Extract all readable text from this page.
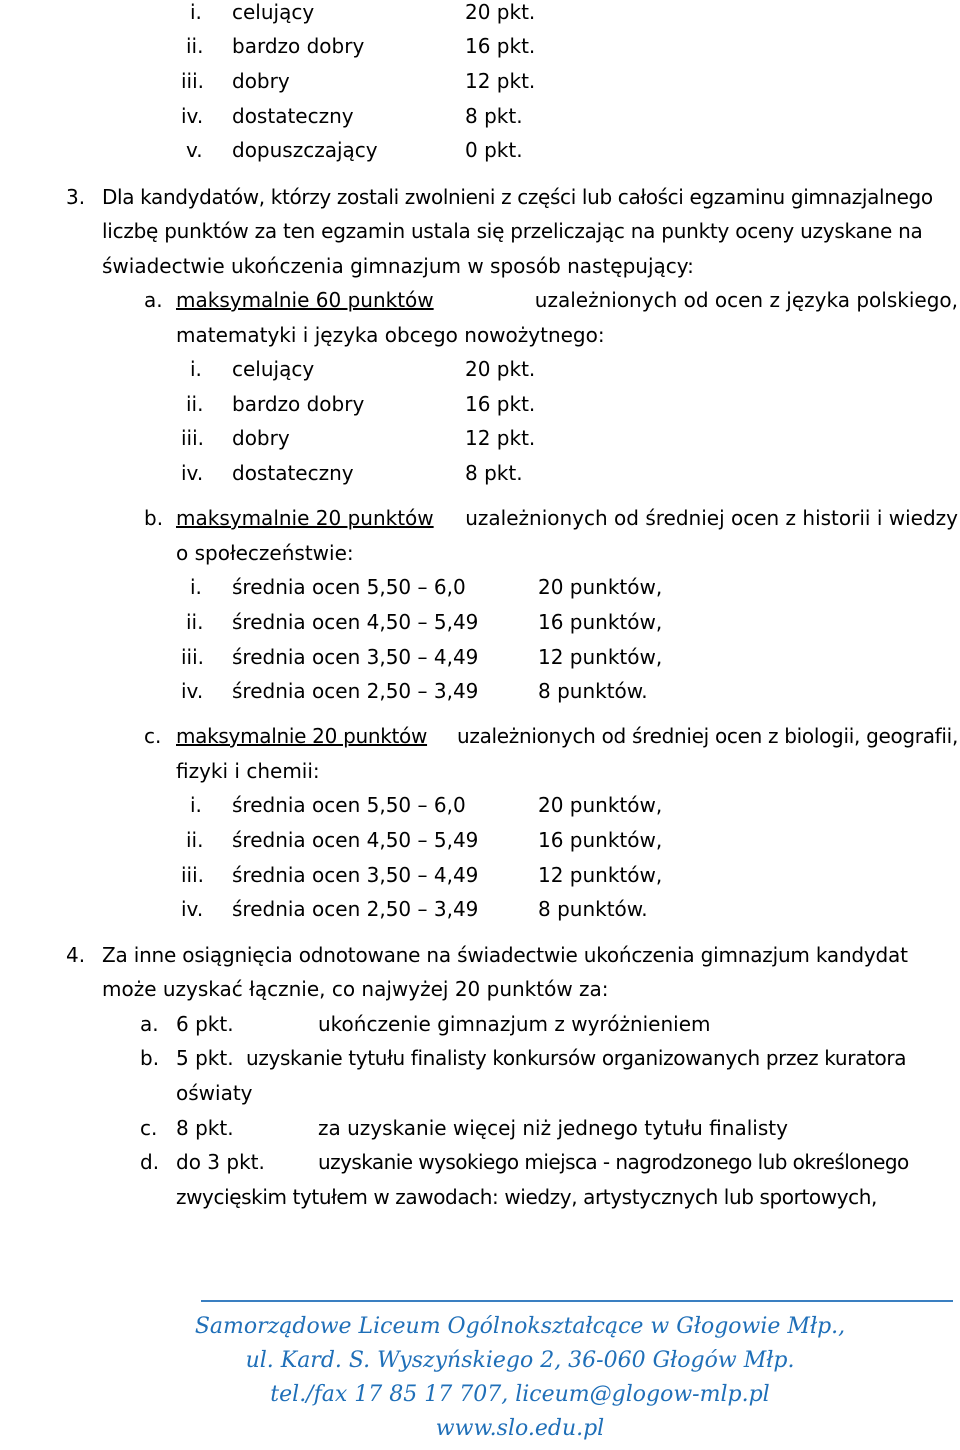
i. celujący	20 pkt.
ii. bardzo dobry	16 pkt.
iii. dobry	12 pkt.
iv. dostateczny	8 pkt.
v. dopuszczający	0 pkt.
3. Dla kandydatów, którzy zostali zwolnieni z części lub całości egzaminu gimnazjalnego
liczbę punktów za ten egzamin ustala się przeliczając na punkty oceny uzyskane na
świadectwie ukończenia gimnazjum w sposób następujący:
a. maksymalnie 60 punktów	uzależnionych od ocen z języka polskiego,
matematyki i języka obcego nowożytnego:
i. celujący	20 pkt.
ii. bardzo dobry	16 pkt.
iii. dobry	12 pkt.
iv. dostateczny	8 pkt.
b. maksymalnie 20 punktów uzależnionych od średniej ocen z historii i wiedzy
o społeczeństwie:
i. średnia ocen 5,50 – 6,0	20 punktów,
ii. średnia ocen 4,50 – 5,49	16 punktów,
iii. średnia ocen 3,50 – 4,49	12 punktów,
iv. średnia ocen 2,50 – 3,49	8 punktów.
c. maksymalnie 20 punktów uzależnionych od średniej ocen z biologii, geografii,
fizyki i chemii:
i. średnia ocen 5,50 – 6,0	20 punktów,
ii. średnia ocen 4,50 – 5,49	16 punktów,
iii. średnia ocen 3,50 – 4,49	12 punktów,
iv. średnia ocen 2,50 – 3,49	8 punktów.
4. Za inne osiągnięcia odnotowane na świadectwie ukończenia gimnazjum kandydat
może uzyskać łącznie, co najwyżej 20 punktów za:
a. 6 pkt.	ukończenie gimnazjum z wyróżnieniem
b. 5 pkt. uzyskanie tytułu finalisty konkursów organizowanych przez kuratora
oświaty
c. 8 pkt.	za uzyskanie więcej niż jednego tytułu finalisty
d. do 3 pkt.	uzyskanie wysokiego miejsca - nagrodzonego lub określonego
zwycięskim tytułem w zawodach: wiedzy, artystycznych lub sportowych,
Samorządowe Liceum Ogólnokształcące w Głogowie Młp.,
ul. Kard. S. Wyszyńskiego 2, 36-060 Głogów Młp.
tel./fax 17 85 17 707, liceum@glogow-mlp.pl
www.slo.edu.pl
